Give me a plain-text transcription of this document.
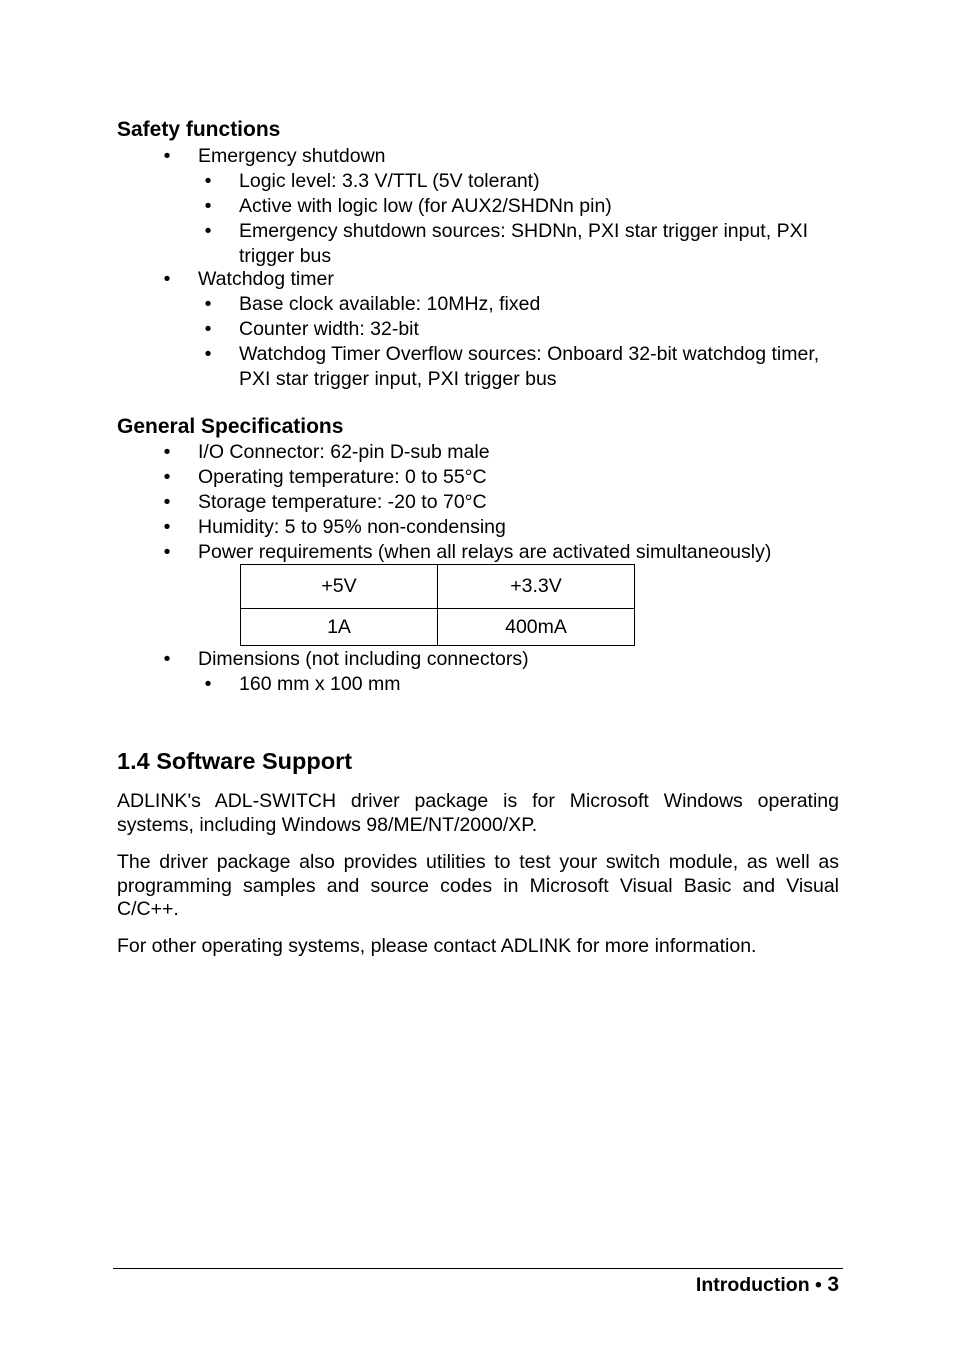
Safety functions
•	Emergency shutdown
•	Logic level: 3.3 V/TTL (5V tolerant)
•	Active with logic low (for AUX2/SHDNn pin)
•	Emergency shutdown sources: SHDNn, PXI star trigger input, PXI trigger bus
•	Watchdog timer
•	Base clock available: 10MHz, fixed
•	Counter width: 32-bit
•	Watchdog Timer Overflow sources: Onboard 32-bit watchdog timer, PXI star trigger input, PXI trigger bus
General Specifications
•	I/O Connector: 62-pin D-sub male
•	Operating temperature: 0 to 55°C
•	Storage temperature: -20 to 70°C
•	Humidity: 5 to 95% non-condensing
•	Power requirements (when all relays are activated simultaneously)
+5V	+3.3V
1A	400mA
•	Dimensions (not including connectors)
•	160 mm x 100 mm
1.4 Software Support

ADLINK's ADL-SWITCH driver package is for Microsoft Windows operating systems, including Windows 98/ME/NT/2000/XP.

The driver package also provides utilities to test your switch module, as well as programming samples and source codes in Microsoft Visual Basic and Visual C/C++.

For other operating systems, please contact ADLINK for more information.

Introduction • 3
